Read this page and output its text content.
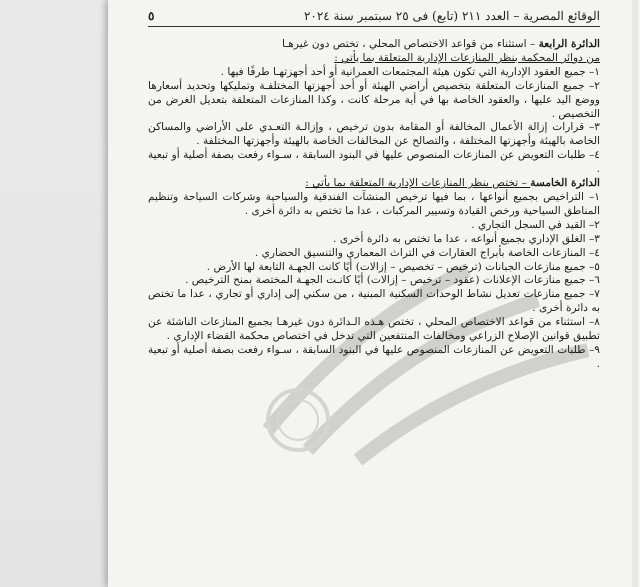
الوقائع المصرية – العدد ٢١١ (تابع) فى ٢٥ سبتمبر سنة ٢٠٢٤
٥

الدائرة الرابعة – استثناء من قواعد الاختصاص المحلي ، تختص دون غيرهـا

من دوائر المحكمة بنظر المنازعات الإدارية المتعلقة بما يأتي :

١– جميع العقود الإدارية التي تكون هيئة المجتمعات العمرانية أو أحد أجهزتهـا طرفًا فيها .

٢– جميع المنازعات المتعلقة بتخصيص أراضي الهيئة أو أحد أجهزتها المختلفـة وتمليكها وتحديد أسعارها ووضع اليد عليها ، والعقود الخاصة بها في أية مرحلة كانت ، وكذا المنازعات المتعلقة بتعديل الغرض من التخصيص .

٣– قرارات إزالة الأعمال المخالفة أو المقامة بدون ترخيص ، وإزالـة التعـدي على الأراضي والمساكن الخاصة بالهيئة وأجهزتها المختلفة ، والتصالح عن المخالفات الخاصة بالهيئة وأجهزتها المختلفة .

٤– طلبات التعويض عن المنازعات المنصوص عليها في البنود السابقة ، سـواء رفعت بصفة أصلية أو تبعية .

الدائرة الخامسة – تختص بنظر المنازعات الإدارية المتعلقة بما يأتي :

١– التراخيص بجميع أنواعها ، بما فيها ترخيص المنشآت الفندقية والسياحية وشركات السياحة وتنظيم المناطق السياحية ورخص القيادة وتسيير المركبات ، عدا ما تختص به دائرة أخرى .

٢– القيد في السجل التجاري .

٣– الغلق الإداري بجميع أنواعه ، عدا ما تختص به دائرة أخرى .

٤– المنازعات الخاصة بأبراج العقارات في التراث المعماري والتنسيق الحضاري .

٥– جميع منازعات الجبانات (ترخيص – تخصيص – إزالات) أيًا كانت الجهـة التابعة لها الأرض .

٦– جميع منازعات الإعلانات (عقود – ترخيص – إزالات) أيًا كانـت الجهـة المختصة بمنح الترخيص .

٧– جميع منازعات تعديل نشاط الوحدات السكنية المبنية ، من سكني إلى إداري أو تجاري ، عدا ما تختص به دائرة أخرى .

٨– استثناء من قواعد الاختصاص المحلي ، تختص هـذه الـدائرة دون غيرهـا بجميع المنازعات الناشئة عن تطبيق قوانين الإصلاح الزراعي ومخالفات المنتفعين التي تدخل في اختصاص محكمة القضاء الإداري .

٩– طلبات التعويض عن المنازعات المنصوص عليها في البنود السابقة ، سـواء رفعت بصفة أصلية أو تبعية .
